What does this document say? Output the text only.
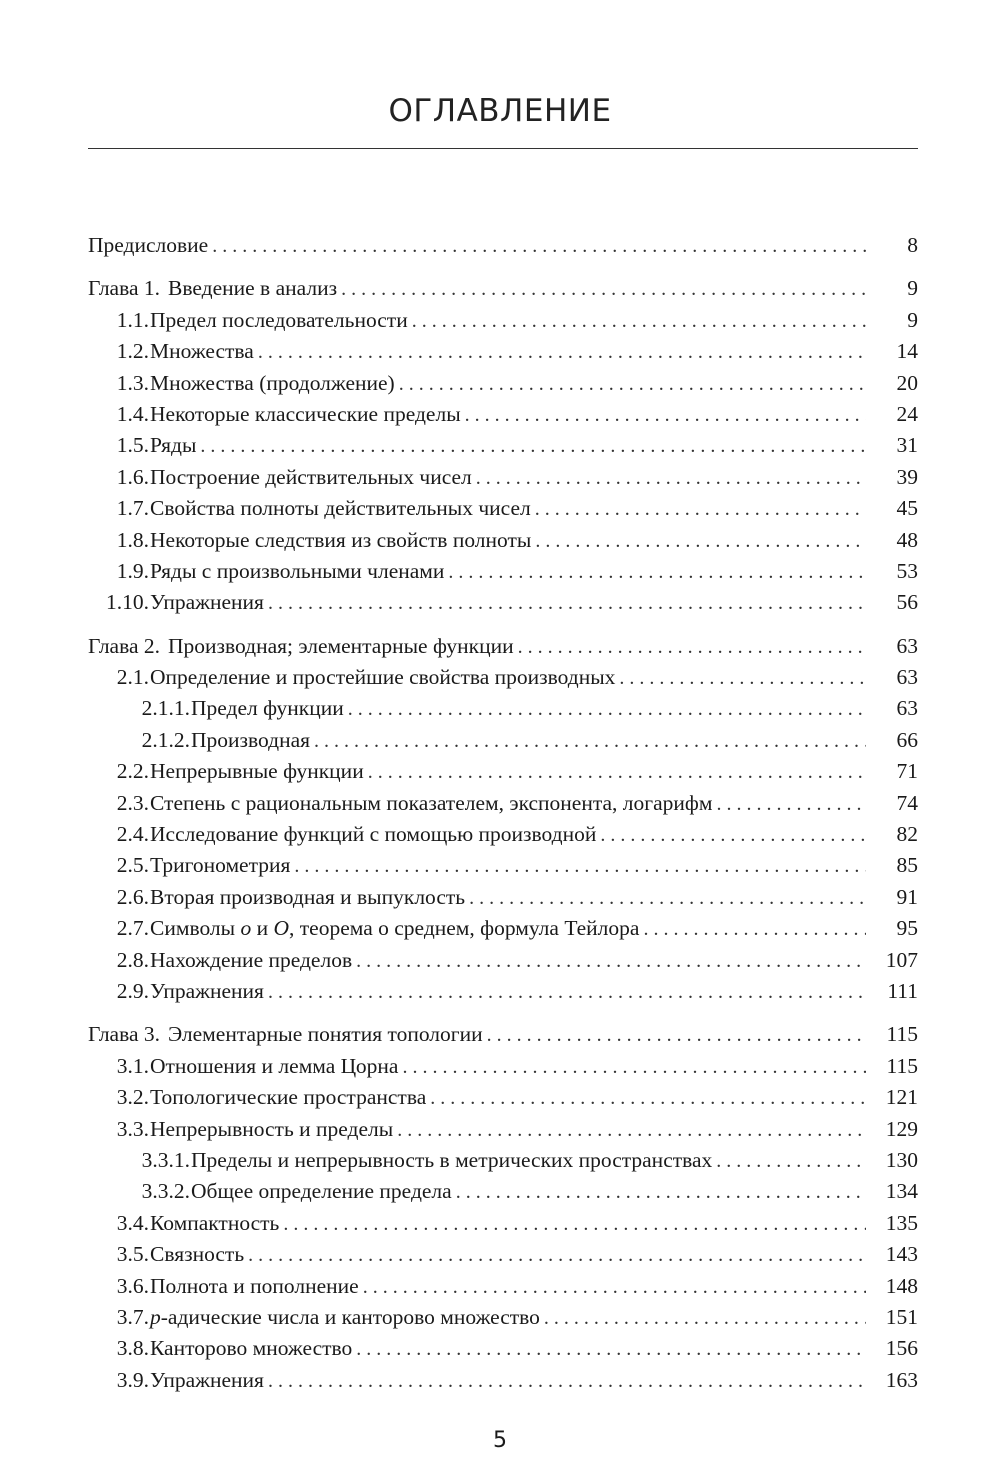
ОГЛАВЛЕНИЕ
Предисловие . . .	8
Глава 1. Введение в анализ . . .	9
1.1. Предел последовательности . . .	9
1.2. Множества . . .	14
1.3. Множества (продолжение) . . .	20
1.4. Некоторые классические пределы . . .	24
1.5. Ряды . . .	31
1.6. Построение действительных чисел . . .	39
1.7. Свойства полноты действительных чисел . . .	45
1.8. Некоторые следствия из свойств полноты . . .	48
1.9. Ряды с произвольными членами . . .	53
1.10. Упражнения . . .	56
Глава 2. Производная; элементарные функции . . .	63
2.1. Определение и простейшие свойства производных . . .	63
2.1.1. Предел функции . . .	63
2.1.2. Производная . . .	66
2.2. Непрерывные функции . . .	71
2.3. Степень с рациональным показателем, экспонента, логарифм . . .	74
2.4. Исследование функций с помощью производной . . .	82
2.5. Тригонометрия . . .	85
2.6. Вторая производная и выпуклость . . .	91
2.7. Символы o и O, теорема о среднем, формула Тейлора . . .	95
2.8. Нахождение пределов . . .	107
2.9. Упражнения . . .	111
Глава 3. Элементарные понятия топологии . . .	115
3.1. Отношения и лемма Цорна . . .	115
3.2. Топологические пространства . . .	121
3.3. Непрерывность и пределы . . .	129
3.3.1. Пределы и непрерывность в метрических пространствах . . .	130
3.3.2. Общее определение предела . . .	134
3.4. Компактность . . .	135
3.5. Связность . . .	143
3.6. Полнота и пополнение . . .	148
3.7. p-адические числа и канторово множество . . .	151
3.8. Канторово множество . . .	156
3.9. Упражнения . . .	163
5
